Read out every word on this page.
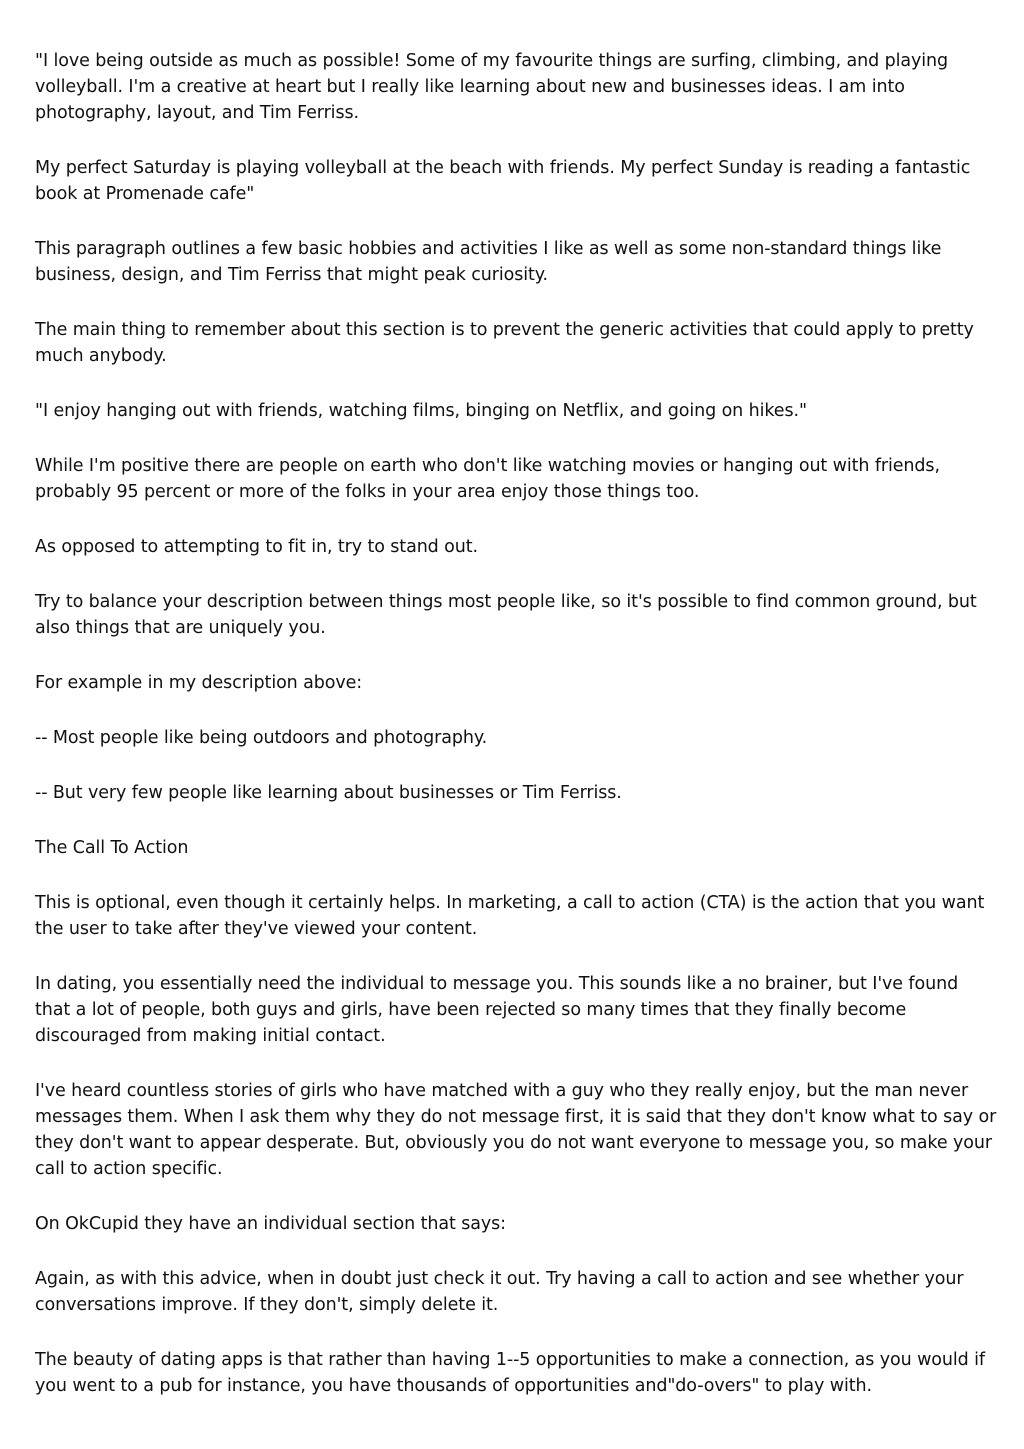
"I love being outside as much as possible! Some of my favourite things are surfing, climbing, and playing volleyball. I'm a creative at heart but I really like learning about new and businesses ideas. I am into photography, layout, and Tim Ferriss.

My perfect Saturday is playing volleyball at the beach with friends. My perfect Sunday is reading a fantastic book at Promenade cafe"

This paragraph outlines a few basic hobbies and activities I like as well as some non-standard things like business, design, and Tim Ferriss that might peak curiosity.

The main thing to remember about this section is to prevent the generic activities that could apply to pretty much anybody.

"I enjoy hanging out with friends, watching films, binging on Netflix, and going on hikes."

While I'm positive there are people on earth who don't like watching movies or hanging out with friends, probably 95 percent or more of the folks in your area enjoy those things too.

As opposed to attempting to fit in, try to stand out.

Try to balance your description between things most people like, so it's possible to find common ground, but also things that are uniquely you.

For example in my description above:

-- Most people like being outdoors and photography.

-- But very few people like learning about businesses or Tim Ferriss.

The Call To Action

This is optional, even though it certainly helps. In marketing, a call to action (CTA) is the action that you want the user to take after they've viewed your content.

In dating, you essentially need the individual to message you. This sounds like a no brainer, but I've found that a lot of people, both guys and girls, have been rejected so many times that they finally become discouraged from making initial contact.

I've heard countless stories of girls who have matched with a guy who they really enjoy, but the man never messages them. When I ask them why they do not message first, it is said that they don't know what to say or they don't want to appear desperate. But, obviously you do not want everyone to message you, so make your call to action specific.

On OkCupid they have an individual section that says:

Again, as with this advice, when in doubt just check it out. Try having a call to action and see whether your conversations improve. If they don't, simply delete it.

The beauty of dating apps is that rather than having 1--5 opportunities to make a connection, as you would if you went to a pub for instance, you have thousands of opportunities and"do-overs" to play with.
